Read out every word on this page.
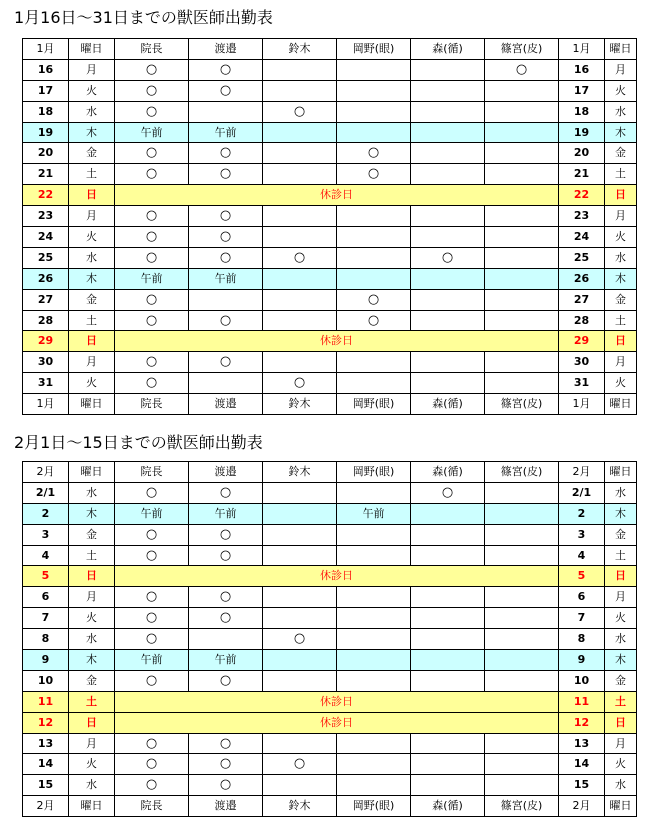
1月16日～31日までの獣医師出勤表
1月	曜日	院長	渡邉	鈴木	岡野(眼)	森(循)	篠宮(皮)	1月	曜日
16	月	○	○				○	16	月
17	火	○	○					17	火
18	水	○		○				18	水
19	木	午前	午前					19	木
20	金	○	○		○			20	金
21	土	○	○		○			21	土
22	日	休診日						22	日
23	月	○	○					23	月
24	火	○	○					24	火
25	水	○	○	○		○		25	水
26	木	午前	午前					26	木
27	金	○			○			27	金
28	土	○	○		○			28	土
29	日	休診日						29	日
30	月	○	○					30	月
31	火	○		○				31	火
1月	曜日	院長	渡邉	鈴木	岡野(眼)	森(循)	篠宮(皮)	1月	曜日
2月1日～15日までの獣医師出勤表
2月	曜日	院長	渡邉	鈴木	岡野(眼)	森(循)	篠宮(皮)	2月	曜日
2/1	水	○	○			○		2/1	水
2	木	午前	午前		午前			2	木
3	金	○	○					3	金
4	土	○	○					4	土
5	日	休診日						5	日
6	月	○	○					6	月
7	火	○	○					7	火
8	水	○		○				8	水
9	木	午前	午前					9	木
10	金	○	○					10	金
11	土	休診日						11	土
12	日	休診日						12	日
13	月	○	○					13	月
14	火	○	○	○				14	火
15	水	○	○					15	水
2月	曜日	院長	渡邉	鈴木	岡野(眼)	森(循)	篠宮(皮)	2月	曜日
